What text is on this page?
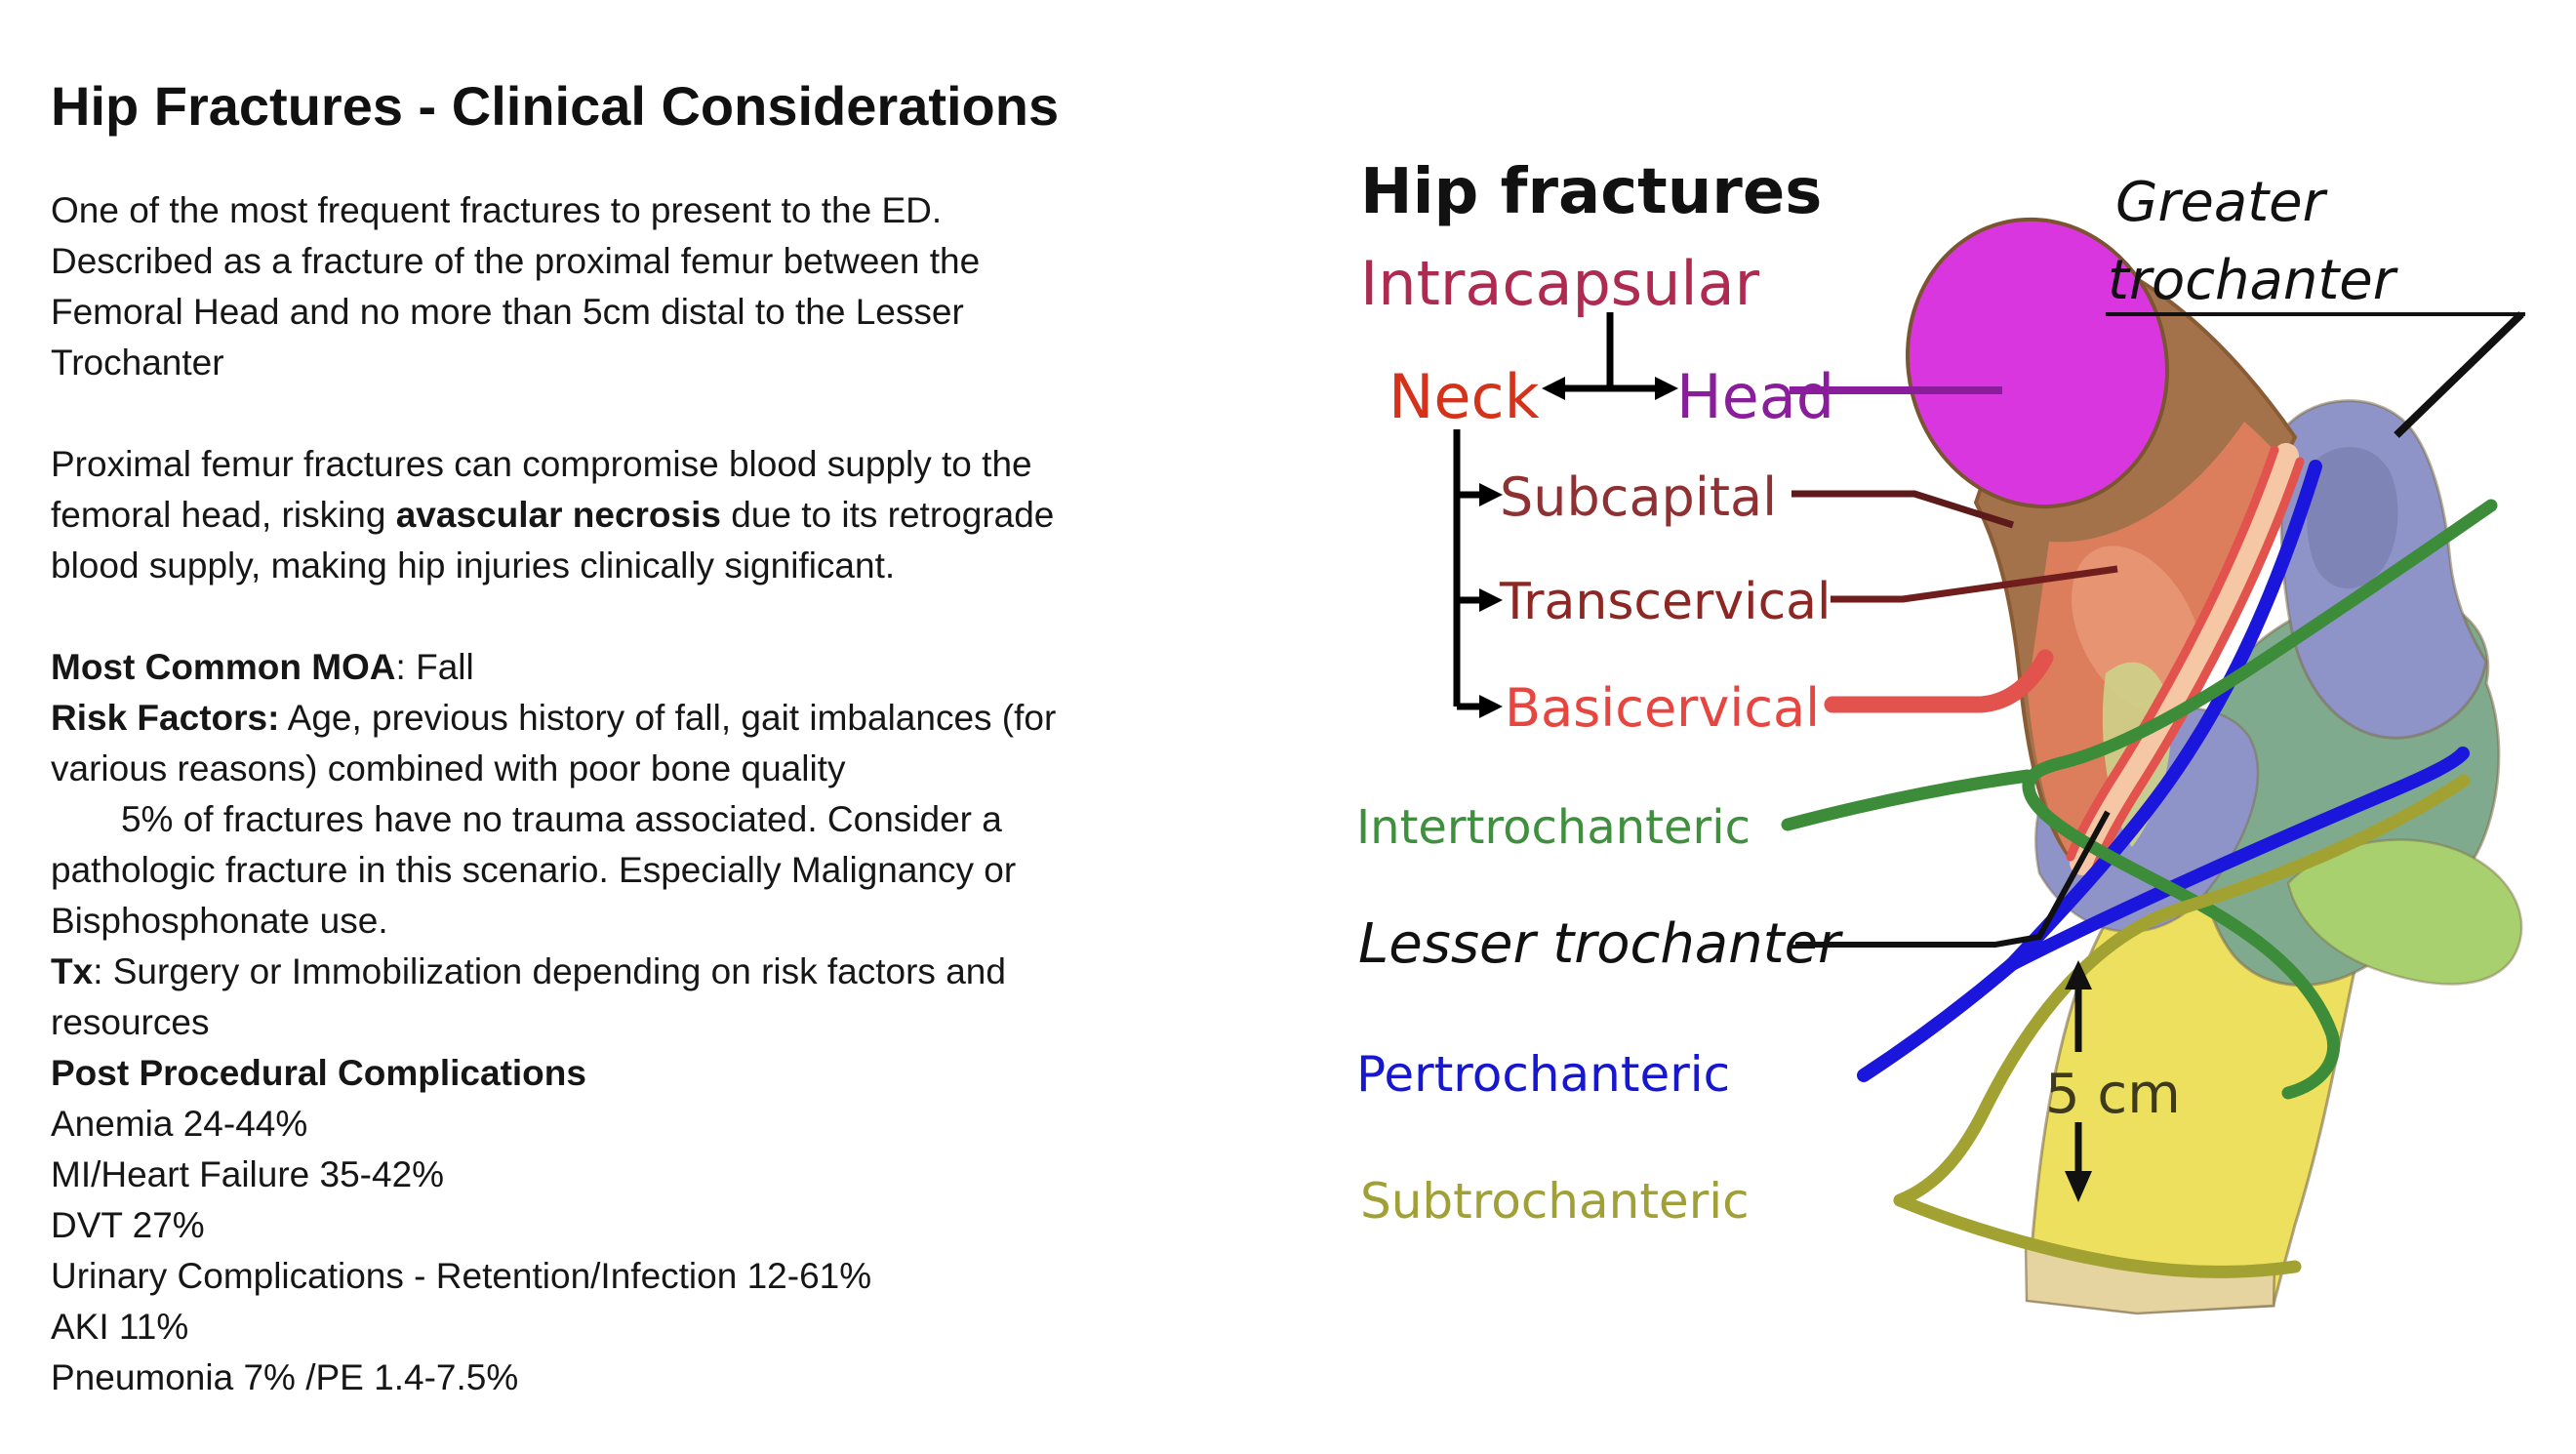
Hip Fractures - Clinical Considerations
One of the most frequent fractures to present to the ED.
Described as a fracture of the proximal femur between the
Femoral Head and no more than 5cm distal to the Lesser
Trochanter

Proximal femur fractures can compromise blood supply to the
femoral head, risking avascular necrosis due to its retrograde
blood supply, making hip injuries clinically significant.

Most Common MOA: Fall
Risk Factors: Age, previous history of fall, gait imbalances (for
various reasons) combined with poor bone quality
5% of fractures have no trauma associated. Consider a
pathologic fracture in this scenario. Especially Malignancy or
Bisphosphonate use.
Tx: Surgery or Immobilization depending on risk factors and
resources
Post Procedural Complications
Anemia 24-44%
MI/Heart Failure 35-42%
DVT 27%
Urinary Complications - Retention/Infection 12-61%
AKI 11%
Pneumonia 7% /PE 1.4-7.5%
Hip fractures
Intracapsular
Neck Head
Subcapital
Transcervical
Basicervical
Intertrochanteric
Lesser trochanter
Pertrochanteric
Subtrochanteric
Greater
trochanter
5 cm
